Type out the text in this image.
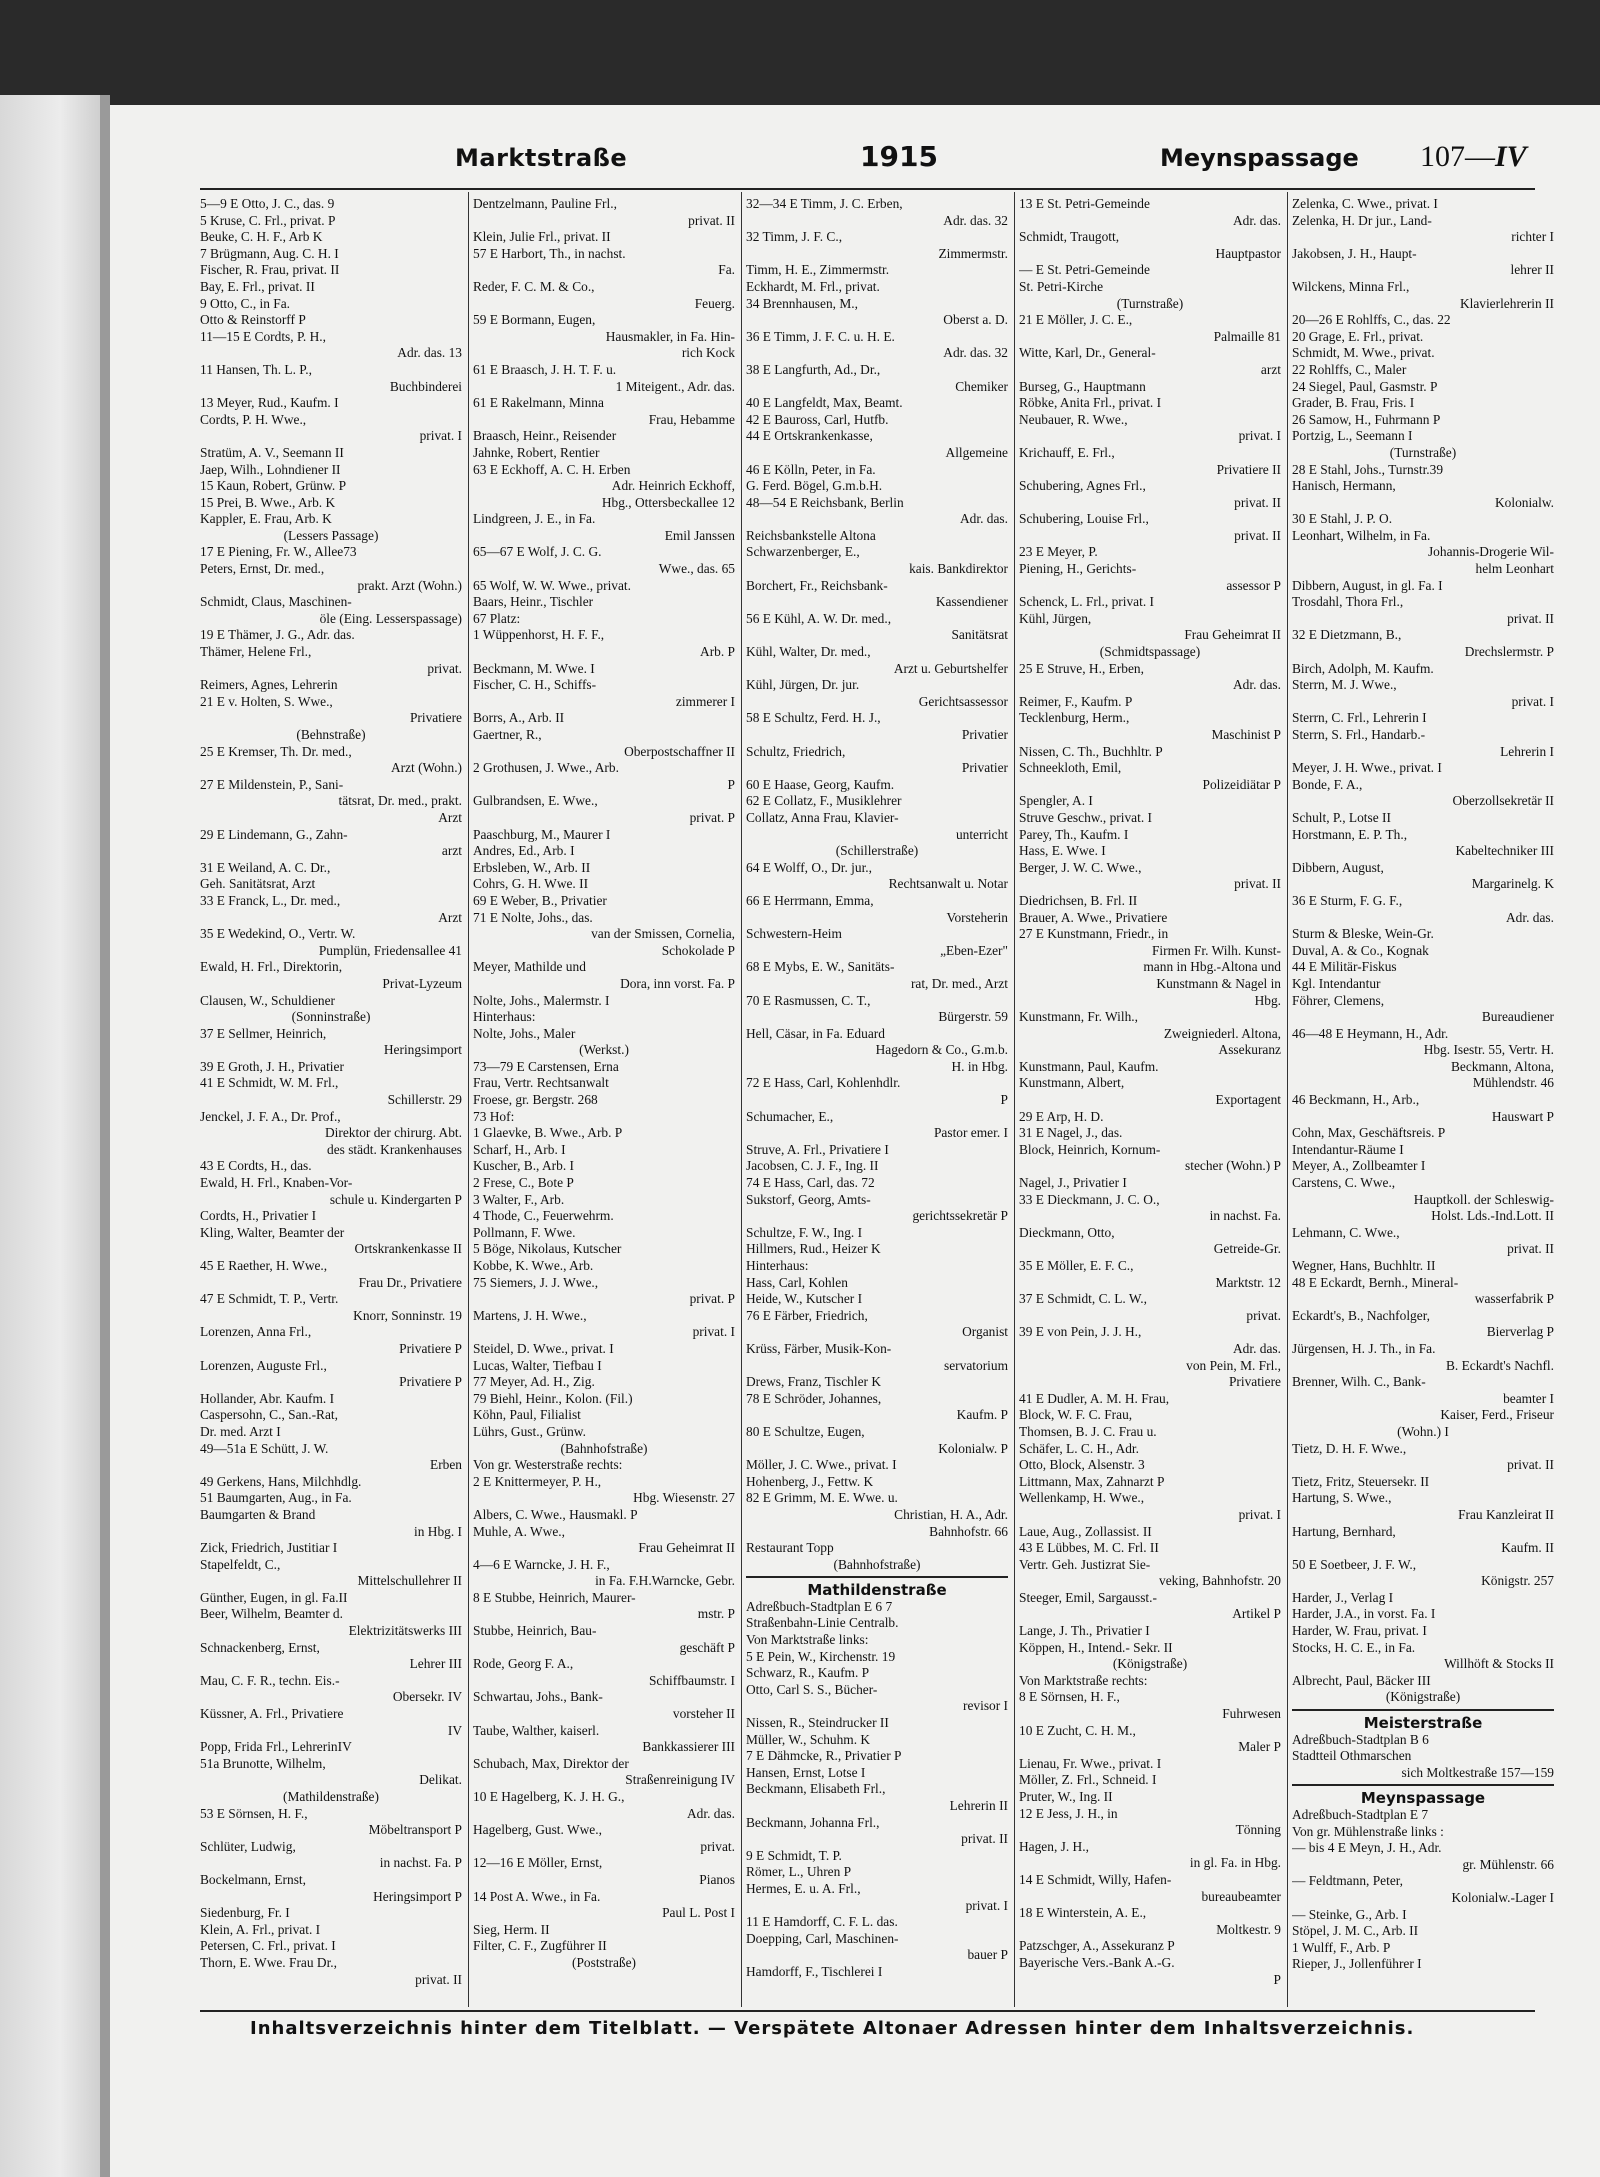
Marktstraße	1915	Meynspassage 107—IV
5—9 E Otto, J. C., das. 9
5 Kruse, C. Frl., privat. P
Beuke, C. H. F., Arb K
7 Brügmann, Aug. C. H. I
Fischer, R. Frau, privat. II
Bay, E. Frl., privat. II
9 Otto, C., in Fa.
Otto & Reinstorff P
11—15 E Cordts, P. H.,
Adr. das. 13
11 Hansen, Th. L. P.,
Buchbinderei
13 Meyer, Rud., Kaufm. I
Cordts, P. H. Wwe.,
privat. I
Stratüm, A. V., Seemann II
Jaep, Wilh., Lohndiener II
15 Kaun, Robert, Grünw. P
15 Prei, B. Wwe., Arb. K
Kappler, E. Frau, Arb. K
(Lessers Passage)
17 E Piening, Fr. W., Allee73
Peters, Ernst, Dr. med.,
prakt. Arzt (Wohn.)
Schmidt, Claus, Maschinen-
öle (Eing. Lesserspassage)
19 E Thämer, J. G., Adr. das.
Thämer, Helene Frl.,
privat.
Reimers, Agnes, Lehrerin
21 E v. Holten, S. Wwe.,
Privatiere
(Behnstraße)
25 E Kremser, Th. Dr. med.,
Arzt (Wohn.)
27 E Mildenstein, P., Sani-
tätsrat, Dr. med., prakt.
Arzt
29 E Lindemann, G., Zahn-
arzt
31 E Weiland, A. C. Dr.,
Geh. Sanitätsrat, Arzt
33 E Franck, L., Dr. med.,
Arzt
35 E Wedekind, O., Vertr. W.
Pumplün, Friedensallee 41
Ewald, H. Frl., Direktorin,
Privat-Lyzeum
Clausen, W., Schuldiener
(Sonninstraße)
37 E Sellmer, Heinrich,
Heringsimport
39 E Groth, J. H., Privatier
41 E Schmidt, W. M. Frl.,
Schillerstr. 29
Jenckel, J. F. A., Dr. Prof.,
Direktor der chirurg. Abt.
des städt. Krankenhauses
43 E Cordts, H., das.
Ewald, H. Frl., Knaben-Vor-
schule u. Kindergarten P
Cordts, H., Privatier I
Kling, Walter, Beamter der
Ortskrankenkasse II
45 E Raether, H. Wwe.,
Frau Dr., Privatiere
47 E Schmidt, T. P., Vertr.
Knorr, Sonninstr. 19
Lorenzen, Anna Frl.,
Privatiere P
Lorenzen, Auguste Frl.,
Privatiere P
Hollander, Abr. Kaufm. I
Caspersohn, C., San.-Rat,
Dr. med. Arzt I
49—51a E Schütt, J. W.
Erben
49 Gerkens, Hans, Milchhdlg.
51 Baumgarten, Aug., in Fa.
Baumgarten & Brand
in Hbg. I
Zick, Friedrich, Justitiar I
Stapelfeldt, C.,
Mittelschullehrer II
Günther, Eugen, in gl. Fa.II
Beer, Wilhelm, Beamter d.
Elektrizitätswerks III
Schnackenberg, Ernst,
Lehrer III
Mau, C. F. R., techn. Eis.-
Obersekr. IV
Küssner, A. Frl., Privatiere
IV
Popp, Frida Frl., LehrerinIV
51a Brunotte, Wilhelm,
Delikat.
(Mathildenstraße)
53 E Sörnsen, H. F.,
Möbeltransport P
Schlüter, Ludwig,
in nachst. Fa. P
Bockelmann, Ernst,
Heringsimport P
Siedenburg, Fr. I
Klein, A. Frl., privat. I
Petersen, C. Frl., privat. I
Thorn, E. Wwe. Frau Dr.,
privat. II
Dentzelmann, Pauline Frl.,
privat. II
Klein, Julie Frl., privat. II
57 E Harbort, Th., in nachst.
Fa.
Reder, F. C. M. & Co.,
Feuerg.
59 E Bormann, Eugen,
Hausmakler, in Fa. Hin-
rich Kock
61 E Braasch, J. H. T. F. u.
1 Miteigent., Adr. das.
61 E Rakelmann, Minna
Frau, Hebamme
Braasch, Heinr., Reisender
Jahnke, Robert, Rentier
63 E Eckhoff, A. C. H. Erben
Adr. Heinrich Eckhoff,
Hbg., Ottersbeckallee 12
Lindgreen, J. E., in Fa.
Emil Janssen
65—67 E Wolf, J. C. G.
Wwe., das. 65
65 Wolf, W. W. Wwe., privat.
Baars, Heinr., Tischler
67 Platz:
1 Wüppenhorst, H. F. F.,
Arb. P
Beckmann, M. Wwe. I
Fischer, C. H., Schiffs-
zimmerer I
Borrs, A., Arb. II
Gaertner, R.,
Oberpostschaffner II
2 Grothusen, J. Wwe., Arb.
P
Gulbrandsen, E. Wwe.,
privat. P
Paaschburg, M., Maurer I
Andres, Ed., Arb. I
Erbsleben, W., Arb. II
Cohrs, G. H. Wwe. II
69 E Weber, B., Privatier
71 E Nolte, Johs., das.
van der Smissen, Cornelia,
Schokolade P
Meyer, Mathilde und
Dora, inn vorst. Fa. P
Nolte, Johs., Malermstr. I
Hinterhaus:
Nolte, Johs., Maler
(Werkst.)
73—79 E Carstensen, Erna
Frau, Vertr. Rechtsanwalt
Froese, gr. Bergstr. 268
73 Hof:
1 Glaevke, B. Wwe., Arb. P
Scharf, H., Arb. I
Kuscher, B., Arb. I
2 Frese, C., Bote P
3 Walter, F., Arb.
4 Thode, C., Feuerwehrm.
Pollmann, F. Wwe.
5 Böge, Nikolaus, Kutscher
Kobbe, K. Wwe., Arb.
75 Siemers, J. J. Wwe.,
privat. P
Martens, J. H. Wwe.,
privat. I
Steidel, D. Wwe., privat. I
Lucas, Walter, Tiefbau I
77 Meyer, Ad. H., Zig.
79 Biehl, Heinr., Kolon. (Fil.)
Köhn, Paul, Filialist
Lührs, Gust., Grünw.
(Bahnhofstraße)
Von gr. Westerstraße rechts:
2 E Knittermeyer, P. H.,
Hbg. Wiesenstr. 27
Albers, C. Wwe., Hausmakl. P
Muhle, A. Wwe.,
Frau Geheimrat II
4—6 E Warncke, J. H. F.,
in Fa. F.H.Warncke, Gebr.
8 E Stubbe, Heinrich, Maurer-
mstr. P
Stubbe, Heinrich, Bau-
geschäft P
Rode, Georg F. A.,
Schiffbaumstr. I
Schwartau, Johs., Bank-
vorsteher II
Taube, Walther, kaiserl.
Bankkassierer III
Schubach, Max, Direktor der
Straßenreinigung IV
10 E Hagelberg, K. J. H. G.,
Adr. das.
Hagelberg, Gust. Wwe.,
privat.
12—16 E Möller, Ernst,
Pianos
14 Post A. Wwe., in Fa.
Paul L. Post I
Sieg, Herm. II
Filter, C. F., Zugführer II
(Poststraße)
32—34 E Timm, J. C. Erben,
Adr. das. 32
32 Timm, J. F. C.,
Zimmermstr.
Timm, H. E., Zimmermstr.
Eckhardt, M. Frl., privat.
34 Brennhausen, M.,
Oberst a. D.
36 E Timm, J. F. C. u. H. E.
Adr. das. 32
38 E Langfurth, Ad., Dr.,
Chemiker
40 E Langfeldt, Max, Beamt.
42 E Bauross, Carl, Hutfb.
44 E Ortskrankenkasse,
Allgemeine
46 E Kölln, Peter, in Fa.
G. Ferd. Bögel, G.m.b.H.
48—54 E Reichsbank, Berlin
Adr. das.
Reichsbankstelle Altona
Schwarzenberger, E.,
kais. Bankdirektor
Borchert, Fr., Reichsbank-
Kassendiener
56 E Kühl, A. W. Dr. med.,
Sanitätsrat
Kühl, Walter, Dr. med.,
Arzt u. Geburtshelfer
Kühl, Jürgen, Dr. jur.
Gerichtsassessor
58 E Schultz, Ferd. H. J.,
Privatier
Schultz, Friedrich,
Privatier
60 E Haase, Georg, Kaufm.
62 E Collatz, F., Musiklehrer
Collatz, Anna Frau, Klavier-
unterricht
(Schillerstraße)
64 E Wolff, O., Dr. jur.,
Rechtsanwalt u. Notar
66 E Herrmann, Emma,
Vorsteherin
Schwestern-Heim
„Eben-Ezer"
68 E Mybs, E. W., Sanitäts-
rat, Dr. med., Arzt
70 E Rasmussen, C. T.,
Bürgerstr. 59
Hell, Cäsar, in Fa. Eduard
Hagedorn & Co., G.m.b.
H. in Hbg.
72 E Hass, Carl, Kohlenhdlr.
P
Schumacher, E.,
Pastor emer. I
Struve, A. Frl., Privatiere I
Jacobsen, C. J. F., Ing. II
74 E Hass, Carl, das. 72
Sukstorf, Georg, Amts-
gerichtssekretär P
Schultze, F. W., Ing. I
Hillmers, Rud., Heizer K
Hinterhaus:
Hass, Carl, Kohlen
Heide, W., Kutscher I
76 E Färber, Friedrich,
Organist
Krüss, Färber, Musik-Kon-
servatorium
Drews, Franz, Tischler K
78 E Schröder, Johannes,
Kaufm. P
80 E Schultze, Eugen,
Kolonialw. P
Möller, J. C. Wwe., privat. I
Hohenberg, J., Fettw. K
82 E Grimm, M. E. Wwe. u.
Christian, H. A., Adr.
Bahnhofstr. 66
Restaurant Topp
(Bahnhofstraße)
Mathildenstraße
Adreßbuch-Stadtplan E 6 7
Straßenbahn-Linie Centralb.
Von Marktstraße links:
5 E Pein, W., Kirchenstr. 19
Schwarz, R., Kaufm. P
Otto, Carl S. S., Bücher-
revisor I
Nissen, R., Steindrucker II
Müller, W., Schuhm. K
7 E Dähmcke, R., Privatier P
Hansen, Ernst, Lotse I
Beckmann, Elisabeth Frl.,
Lehrerin II
Beckmann, Johanna Frl.,
privat. II
9 E Schmidt, T. P.
Römer, L., Uhren P
Hermes, E. u. A. Frl.,
privat. I
11 E Hamdorff, C. F. L. das.
Doepping, Carl, Maschinen-
bauer P
Hamdorff, F., Tischlerei I
13 E St. Petri-Gemeinde
Adr. das.
Schmidt, Traugott,
Hauptpastor
— E St. Petri-Gemeinde
St. Petri-Kirche
(Turnstraße)
21 E Möller, J. C. E.,
Palmaille 81
Witte, Karl, Dr., General-
arzt
Burseg, G., Hauptmann
Röbke, Anita Frl., privat. I
Neubauer, R. Wwe.,
privat. I
Krichauff, E. Frl.,
Privatiere II
Schubering, Agnes Frl.,
privat. II
Schubering, Louise Frl.,
privat. II
23 E Meyer, P.
Piening, H., Gerichts-
assessor P
Schenck, L. Frl., privat. I
Kühl, Jürgen,
Frau Geheimrat II
(Schmidtspassage)
25 E Struve, H., Erben,
Adr. das.
Reimer, F., Kaufm. P
Tecklenburg, Herm.,
Maschinist P
Nissen, C. Th., Buchhltr. P
Schneekloth, Emil,
Polizeidiätar P
Spengler, A. I
Struve Geschw., privat. I
Parey, Th., Kaufm. I
Hass, E. Wwe. I
Berger, J. W. C. Wwe.,
privat. II
Diedrichsen, B. Frl. II
Brauer, A. Wwe., Privatiere
27 E Kunstmann, Friedr., in
Firmen Fr. Wilh. Kunst-
mann in Hbg.-Altona und
Kunstmann & Nagel in
Hbg.
Kunstmann, Fr. Wilh.,
Zweigniederl. Altona,
Assekuranz
Kunstmann, Paul, Kaufm.
Kunstmann, Albert,
Exportagent
29 E Arp, H. D.
31 E Nagel, J., das.
Block, Heinrich, Kornum-
stecher (Wohn.) P
Nagel, J., Privatier I
33 E Dieckmann, J. C. O.,
in nachst. Fa.
Dieckmann, Otto,
Getreide-Gr.
35 E Möller, E. F. C.,
Marktstr. 12
37 E Schmidt, C. L. W.,
privat.
39 E von Pein, J. J. H.,
Adr. das.
von Pein, M. Frl.,
Privatiere
41 E Dudler, A. M. H. Frau,
Block, W. F. C. Frau,
Thomsen, B. J. C. Frau u.
Schäfer, L. C. H., Adr.
Otto, Block, Alsenstr. 3
Littmann, Max, Zahnarzt P
Wellenkamp, H. Wwe.,
privat. I
Laue, Aug., Zollassist. II
43 E Lübbes, M. C. Frl. II
Vertr. Geh. Justizrat Sie-
veking, Bahnhofstr. 20
Steeger, Emil, Sargausst.-
Artikel P
Lange, J. Th., Privatier I
Köppen, H., Intend.- Sekr. II
(Königstraße)
Von Marktstraße rechts:
8 E Sörnsen, H. F.,
Fuhrwesen
10 E Zucht, C. H. M.,
Maler P
Lienau, Fr. Wwe., privat. I
Möller, Z. Frl., Schneid. I
Pruter, W., Ing. II
12 E Jess, J. H., in
Tönning
Hagen, J. H.,
in gl. Fa. in Hbg.
14 E Schmidt, Willy, Hafen-
bureaubeamter
18 E Winterstein, A. E.,
Moltkestr. 9
Patzschger, A., Assekuranz P
Bayerische Vers.-Bank A.-G.
P
Zelenka, C. Wwe., privat. I
Zelenka, H. Dr jur., Land-
richter I
Jakobsen, J. H., Haupt-
lehrer II
Wilckens, Minna Frl.,
Klavierlehrerin II
20—26 E Rohlffs, C., das. 22
20 Grage, E. Frl., privat.
Schmidt, M. Wwe., privat.
22 Rohlffs, C., Maler
24 Siegel, Paul, Gasmstr. P
Grader, B. Frau, Fris. I
26 Samow, H., Fuhrmann P
Portzig, L., Seemann I
(Turnstraße)
28 E Stahl, Johs., Turnstr.39
Hanisch, Hermann,
Kolonialw.
30 E Stahl, J. P. O.
Leonhart, Wilhelm, in Fa.
Johannis-Drogerie Wil-
helm Leonhart
Dibbern, August, in gl. Fa. I
Trosdahl, Thora Frl.,
privat. II
32 E Dietzmann, B.,
Drechslermstr. P
Birch, Adolph, M. Kaufm.
Sterrn, M. J. Wwe.,
privat. I
Sterrn, C. Frl., Lehrerin I
Sterrn, S. Frl., Handarb.-
Lehrerin I
Meyer, J. H. Wwe., privat. I
Bonde, F. A.,
Oberzollsekretär II
Schult, P., Lotse II
Horstmann, E. P. Th.,
Kabeltechniker III
Dibbern, August,
Margarinelg. K
36 E Sturm, F. G. F.,
Adr. das.
Sturm & Bleske, Wein-Gr.
Duval, A. & Co., Kognak
44 E Militär-Fiskus
Kgl. Intendantur
Föhrer, Clemens,
Bureaudiener
46—48 E Heymann, H., Adr.
Hbg. Isestr. 55, Vertr. H.
Beckmann, Altona,
Mühlendstr. 46
46 Beckmann, H., Arb.,
Hauswart P
Cohn, Max, Geschäftsreis. P
Intendantur-Räume I
Meyer, A., Zollbeamter I
Carstens, C. Wwe.,
Hauptkoll. der Schleswig-
Holst. Lds.-Ind.Lott. II
Lehmann, C. Wwe.,
privat. II
Wegner, Hans, Buchhltr. II
48 E Eckardt, Bernh., Mineral-
wasserfabrik P
Eckardt's, B., Nachfolger,
Bierverlag P
Jürgensen, H. J. Th., in Fa.
B. Eckardt's Nachfl.
Brenner, Wilh. C., Bank-
beamter I
Kaiser, Ferd., Friseur
(Wohn.) I
Tietz, D. H. F. Wwe.,
privat. II
Tietz, Fritz, Steuersekr. II
Hartung, S. Wwe.,
Frau Kanzleirat II
Hartung, Bernhard,
Kaufm. II
50 E Soetbeer, J. F. W.,
Königstr. 257
Harder, J., Verlag I
Harder, J.A., in vorst. Fa. I
Harder, W. Frau, privat. I
Stocks, H. C. E., in Fa.
Willhöft & Stocks II
Albrecht, Paul, Bäcker III
(Königstraße)
Meisterstraße
Adreßbuch-Stadtplan B 6
Stadtteil Othmarschen
sich Moltkestraße 157—159
Meynspassage
Adreßbuch-Stadtplan E 7
Von gr. Mühlenstraße links :
— bis 4 E Meyn, J. H., Adr.
gr. Mühlenstr. 66
— Feldtmann, Peter,
Kolonialw.-Lager I
— Steinke, G., Arb. I
Stöpel, J. M. C., Arb. II
1 Wulff, F., Arb. P
Rieper, J., Jollenführer I
Inhaltsverzeichnis hinter dem Titelblatt. — Verspätete Altonaer Adressen hinter dem Inhaltsverzeichnis.
